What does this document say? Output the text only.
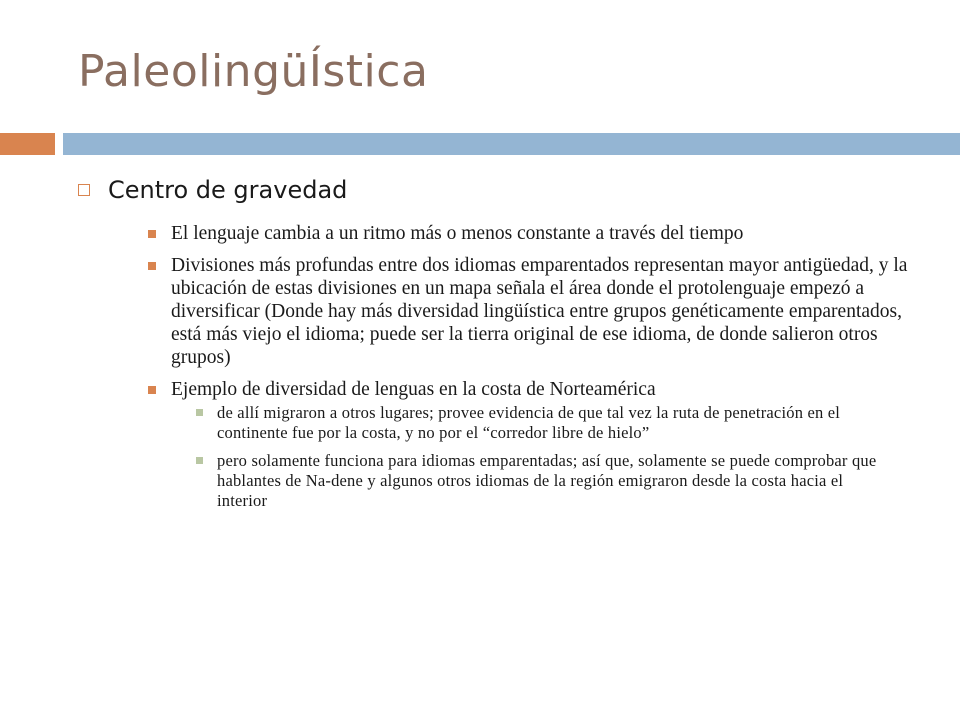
PaleolingüÍstica
Centro de gravedad
El lenguaje cambia a un ritmo más o menos constante a través del tiempo
Divisiones más profundas entre dos idiomas emparentados representan mayor antigüedad, y la ubicación de estas divisiones en un mapa señala el área donde el protolenguaje empezó a diversificar (Donde hay más diversidad lingüística entre grupos genéticamente emparentados, está más viejo el idioma; puede ser la tierra original de ese idioma, de donde salieron otros grupos)
Ejemplo de diversidad de lenguas en la costa de Norteamérica
de allí migraron a otros lugares; provee evidencia de que tal vez la ruta de penetración en el continente fue por la costa, y no por el “corredor libre de hielo”
pero solamente funciona para idiomas emparentadas; así que, solamente se puede comprobar que hablantes de Na-dene y algunos otros idiomas de la región emigraron desde la costa hacia el interior
